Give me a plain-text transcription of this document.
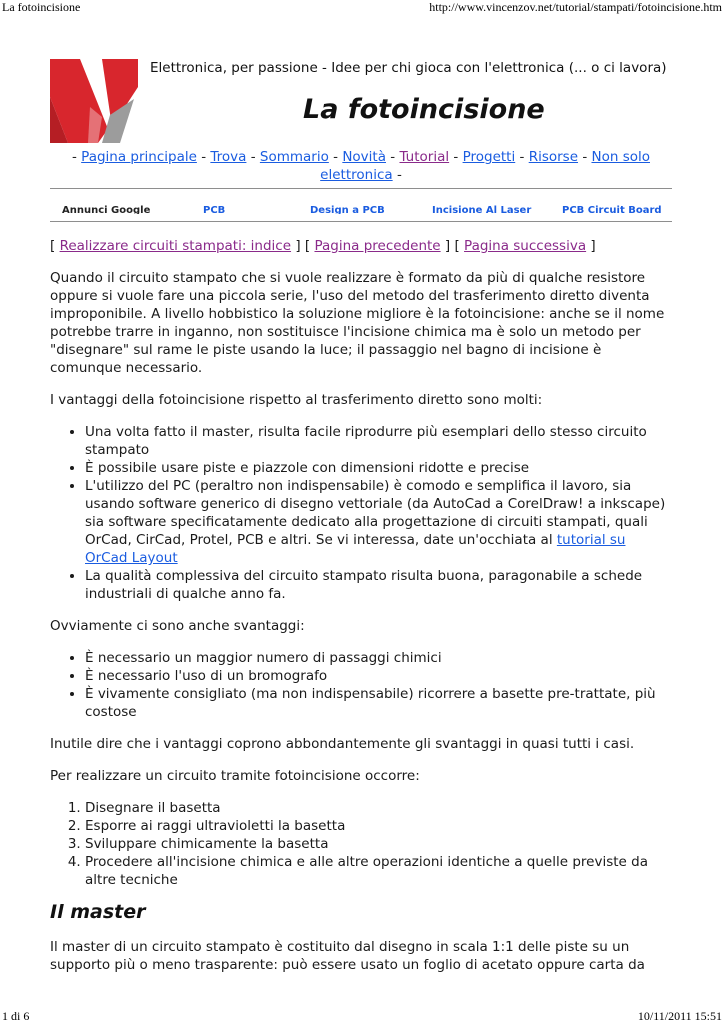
La fotoincisione	http://www.vincenzov.net/tutorial/stampati/fotoincisione.htm
Elettronica, per passione - Idee per chi gioca con l'elettronica (... o ci lavora)
La fotoincisione
- Pagina principale - Trova - Sommario - Novità - Tutorial - Progetti - Risorse - Non solo elettronica -
Annunci Google	PCB	Design a PCB	Incisione Al Laser	PCB Circuit Board

[ Realizzare circuiti stampati: indice ] [ Pagina precedente ] [ Pagina successiva ]

Quando il circuito stampato che si vuole realizzare è formato da più di qualche resistore oppure si vuole fare una piccola serie, l'uso del metodo del trasferimento diretto diventa improponibile. A livello hobbistico la soluzione migliore è la fotoincisione: anche se il nome potrebbe trarre in inganno, non sostituisce l'incisione chimica ma è solo un metodo per "disegnare" sul rame le piste usando la luce; il passaggio nel bagno di incisione è comunque necessario.

I vantaggi della fotoincisione rispetto al trasferimento diretto sono molti:

• Una volta fatto il master, risulta facile riprodurre più esemplari dello stesso circuito stampato
• È possibile usare piste e piazzole con dimensioni ridotte e precise
• L'utilizzo del PC (peraltro non indispensabile) è comodo e semplifica il lavoro, sia usando software generico di disegno vettoriale (da AutoCad a CorelDraw! a inkscape) sia software specificatamente dedicato alla progettazione di circuiti stampati, quali OrCad, CirCad, Protel, PCB e altri. Se vi interessa, date un'occhiata al tutorial su OrCad Layout
• La qualità complessiva del circuito stampato risulta buona, paragonabile a schede industriali di qualche anno fa.

Ovviamente ci sono anche svantaggi:

• È necessario un maggior numero di passaggi chimici
• È necessario l'uso di un bromografo
• È vivamente consigliato (ma non indispensabile) ricorrere a basette pre-trattate, più costose

Inutile dire che i vantaggi coprono abbondantemente gli svantaggi in quasi tutti i casi.

Per realizzare un circuito tramite fotoincisione occorre:

1. Disegnare il basetta
2. Esporre ai raggi ultravioletti la basetta
3. Sviluppare chimicamente la basetta
4. Procedere all'incisione chimica e alle altre operazioni identiche a quelle previste da altre tecniche
Il master

Il master di un circuito stampato è costituito dal disegno in scala 1:1 delle piste su un supporto più o meno trasparente: può essere usato un foglio di acetato oppure carta da

1 di 6	10/11/2011 15:51
